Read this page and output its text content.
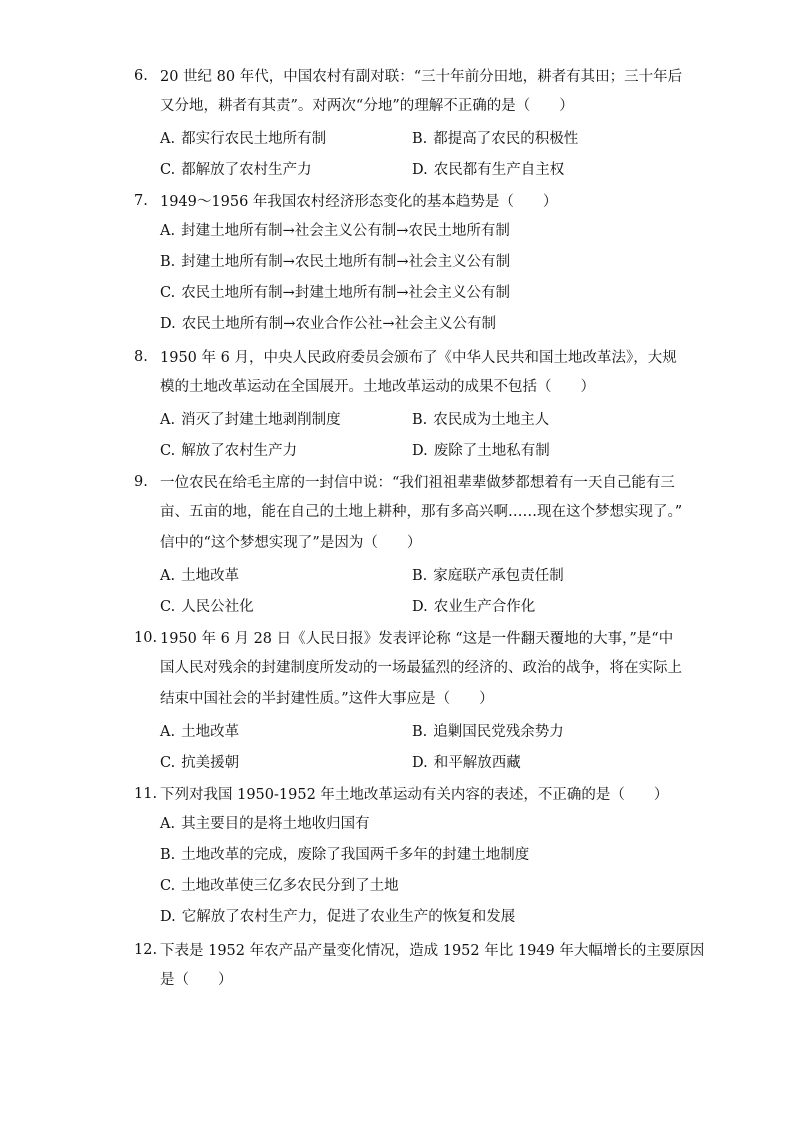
6. 20 世纪 80 年代，中国农村有副对联：“三十年前分田地，耕者有其田；三十年后
又分地，耕者有其责”。对两次“分地”的理解不正确的是（　　）
A. 都实行农民土地所有制	B. 都提高了农民的积极性
C. 都解放了农村生产力	D. 农民都有生产自主权
7. 1949～1956 年我国农村经济形态变化的基本趋势是（　　）
A. 封建土地所有制→社会主义公有制→农民土地所有制
B. 封建土地所有制→农民土地所有制→社会主义公有制
C. 农民土地所有制→封建土地所有制→社会主义公有制
D. 农民土地所有制→农业合作公社→社会主义公有制
8. 1950 年 6 月，中央人民政府委员会颁布了《中华人民共和国土地改革法》，大规
模的土地改革运动在全国展开。土地改革运动的成果不包括（　　）
A. 消灭了封建土地剥削制度	B. 农民成为土地主人
C. 解放了农村生产力	D. 废除了土地私有制
9. 一位农民在给毛主席的一封信中说：“我们祖祖辈辈做梦都想着有一天自己能有三
亩、五亩的地，能在自己的土地上耕种，那有多高兴啊……现在这个梦想实现了。”
信中的“这个梦想实现了”是因为（　　）
A. 土地改革	B. 家庭联产承包责任制
C. 人民公社化	D. 农业生产合作化
10. 1950 年 6 月 28 日《人民日报》发表评论称 “这是一件翻天覆地的大事，”是“中
国人民对残余的封建制度所发动的一场最猛烈的经济的、政治的战争，将在实际上
结束中国社会的半封建性质。”这件大事应是（　　）
A. 土地改革	B. 追剿国民党残余势力
C. 抗美援朝	D. 和平解放西藏
11. 下列对我国 1950-1952 年土地改革运动有关内容的表述，不正确的是（　　）
A. 其主要目的是将土地收归国有
B. 土地改革的完成，废除了我国两千多年的封建土地制度
C. 土地改革使三亿多农民分到了土地
D. 它解放了农村生产力，促进了农业生产的恢复和发展
12. 下表是 1952 年农产品产量变化情况，造成 1952 年比 1949 年大幅增长的主要原因
是（　　）
